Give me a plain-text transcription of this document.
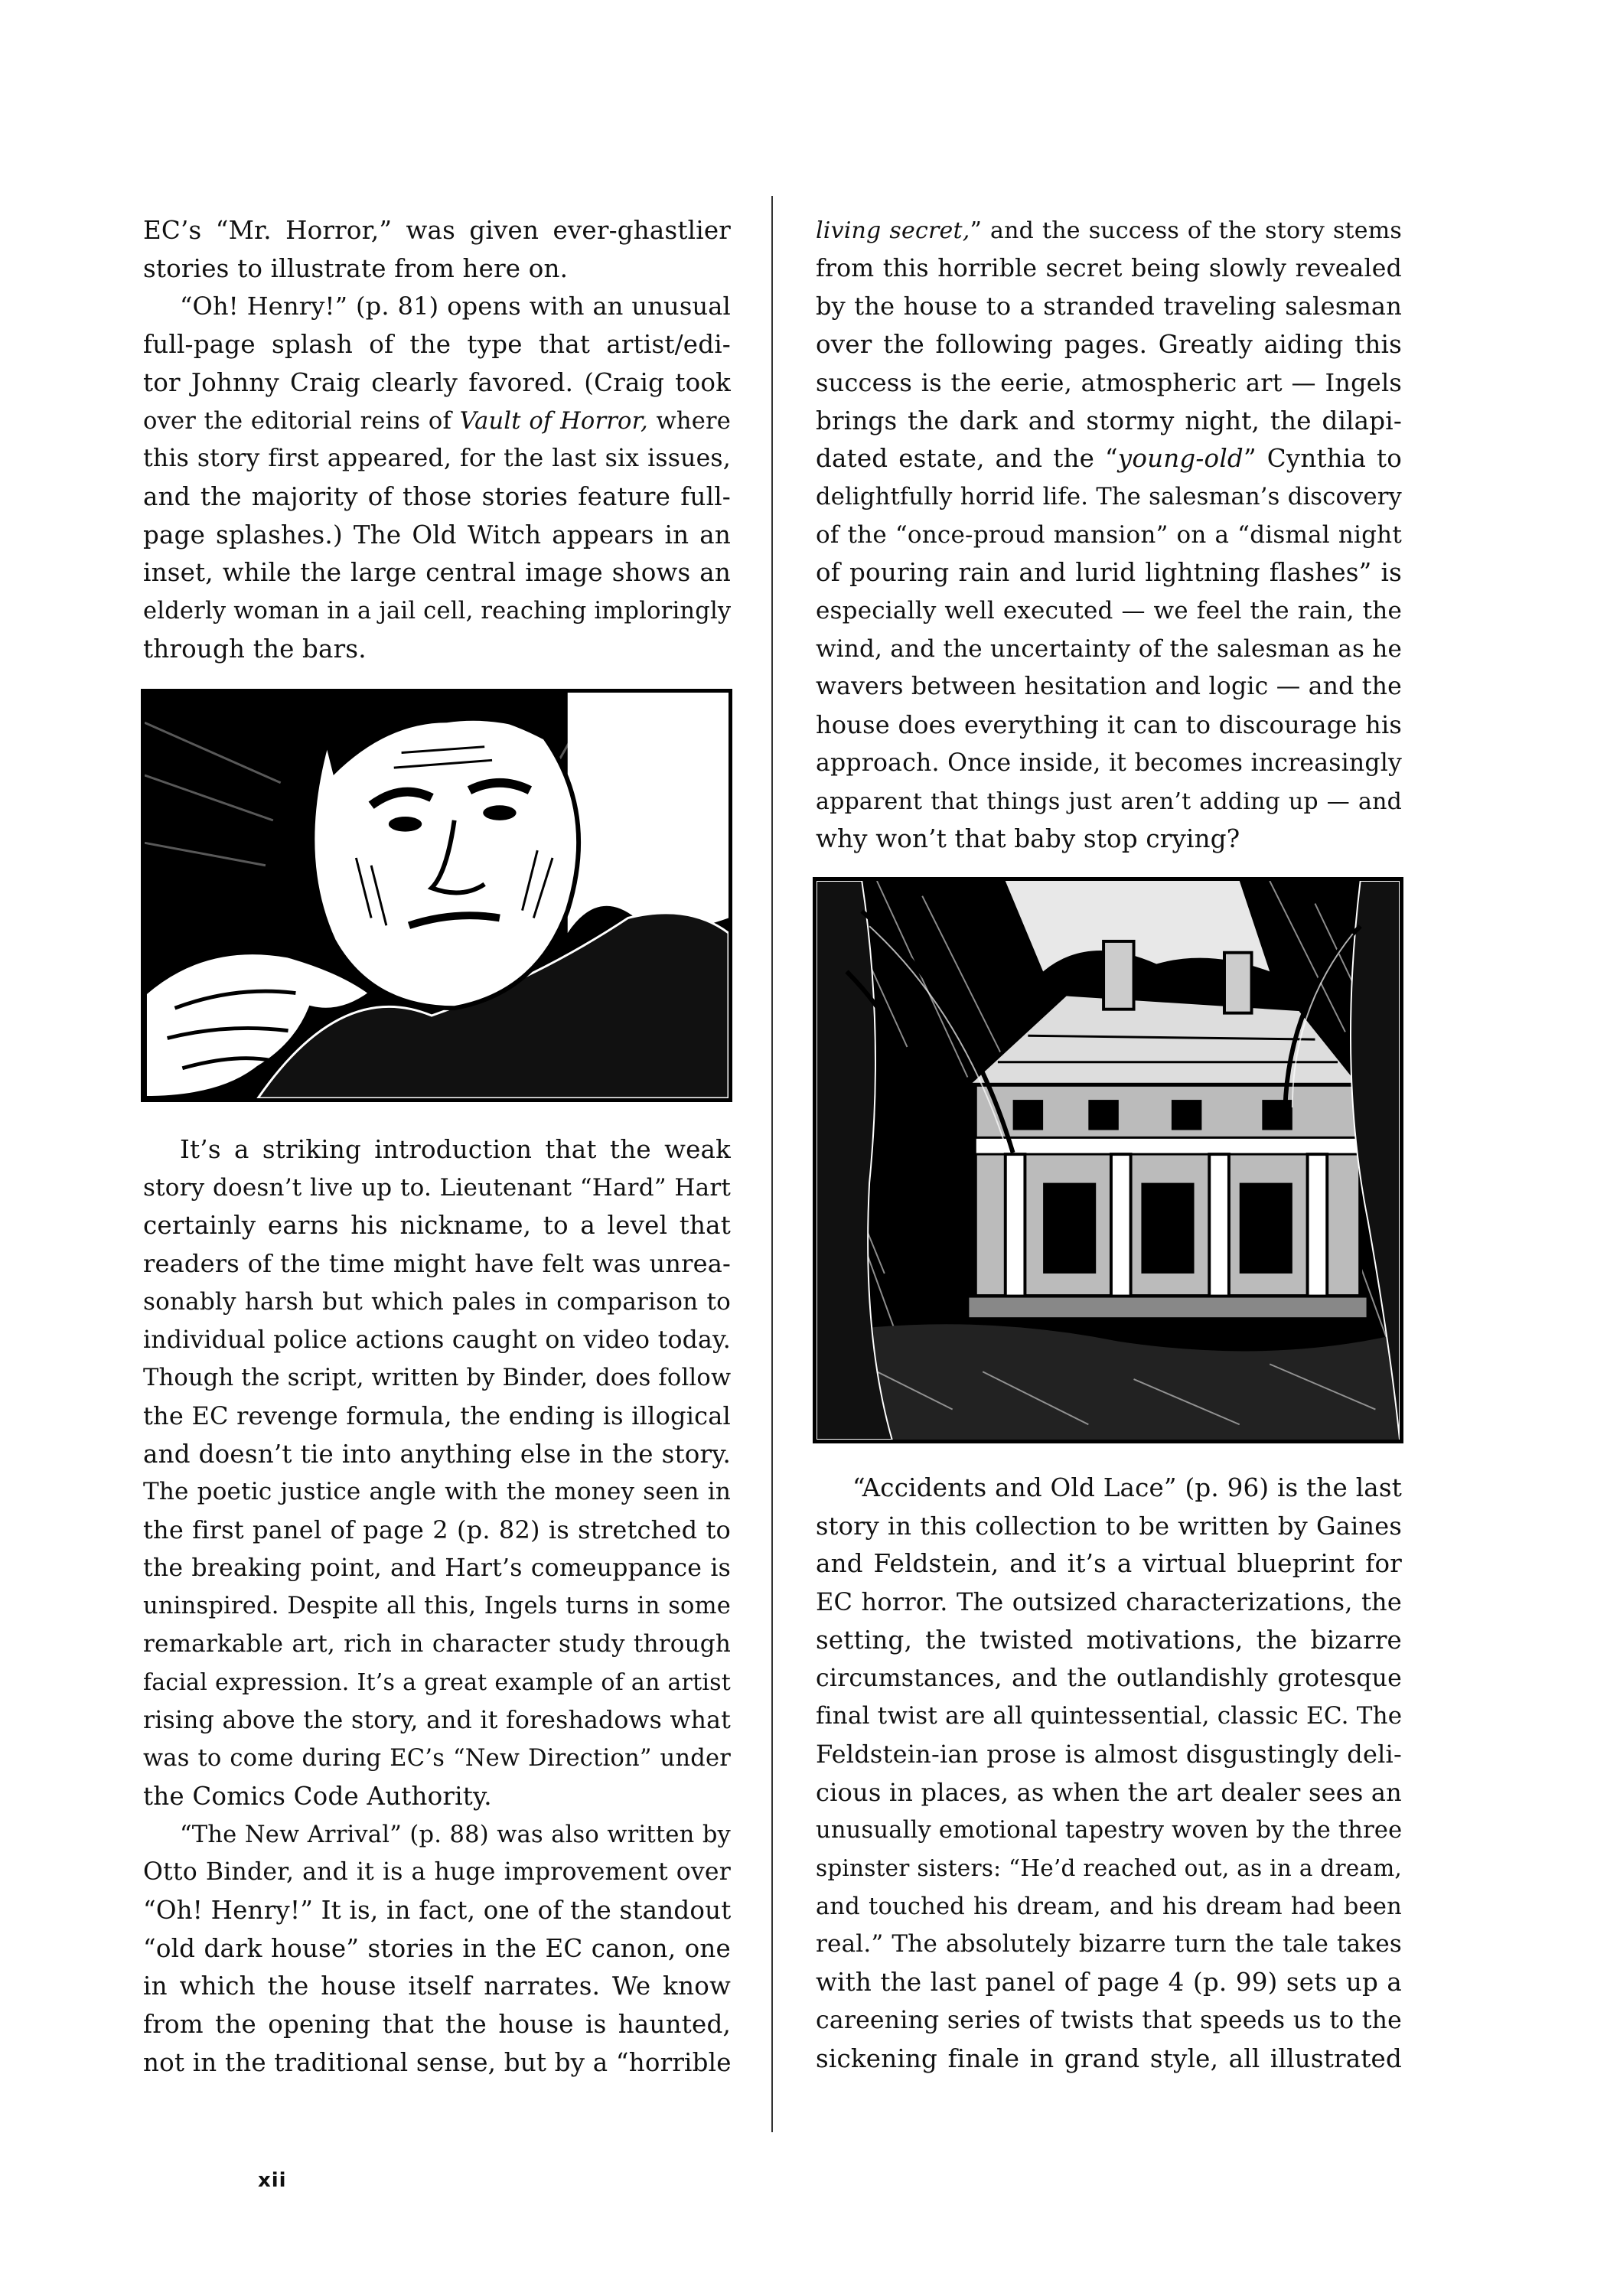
EC’s “Mr. Horror,” was given ever-ghastlier
stories to illustrate from here on.
“Oh! Henry!” (p. 81) opens with an unusual
full-page splash of the type that artist/edi-
tor Johnny Craig clearly favored. (Craig took
over the editorial reins of Vault of Horror, where
this story first appeared, for the last six issues,
and the majority of those stories feature full-
page splashes.) The Old Witch appears in an
inset, while the large central image shows an
elderly woman in a jail cell, reaching imploringly
through the bars.
It’s a striking introduction that the weak
story doesn’t live up to. Lieutenant “Hard” Hart
certainly earns his nickname, to a level that
readers of the time might have felt was unrea-
sonably harsh but which pales in comparison to
individual police actions caught on video today.
Though the script, written by Binder, does follow
the EC revenge formula, the ending is illogical
and doesn’t tie into anything else in the story.
The poetic justice angle with the money seen in
the first panel of page 2 (p. 82) is stretched to
the breaking point, and Hart’s comeuppance is
uninspired. Despite all this, Ingels turns in some
remarkable art, rich in character study through
facial expression. It’s a great example of an artist
rising above the story, and it foreshadows what
was to come during EC’s “New Direction” under
the Comics Code Authority.
“The New Arrival” (p. 88) was also written by
Otto Binder, and it is a huge improvement over
“Oh! Henry!” It is, in fact, one of the standout
“old dark house” stories in the EC canon, one
in which the house itself narrates. We know
from the opening that the house is haunted,
not in the traditional sense, but by a “horrible
living secret,” and the success of the story stems
from this horrible secret being slowly revealed
by the house to a stranded traveling salesman
over the following pages. Greatly aiding this
success is the eerie, atmospheric art — Ingels
brings the dark and stormy night, the dilapi-
dated estate, and the “young-old” Cynthia to
delightfully horrid life. The salesman’s discovery
of the “once-proud mansion” on a “dismal night
of pouring rain and lurid lightning flashes” is
especially well executed — we feel the rain, the
wind, and the uncertainty of the salesman as he
wavers between hesitation and logic — and the
house does everything it can to discourage his
approach. Once inside, it becomes increasingly
apparent that things just aren’t adding up — and
why won’t that baby stop crying?
“Accidents and Old Lace” (p. 96) is the last
story in this collection to be written by Gaines
and Feldstein, and it’s a virtual blueprint for
EC horror. The outsized characterizations, the
setting, the twisted motivations, the bizarre
circumstances, and the outlandishly grotesque
final twist are all quintessential, classic EC. The
Feldstein-ian prose is almost disgustingly deli-
cious in places, as when the art dealer sees an
unusually emotional tapestry woven by the three
spinster sisters: “He’d reached out, as in a dream,
and touched his dream, and his dream had been
real.” The absolutely bizarre turn the tale takes
with the last panel of page 4 (p. 99) sets up a
careening series of twists that speeds us to the
sickening finale in grand style, all illustrated
xii
